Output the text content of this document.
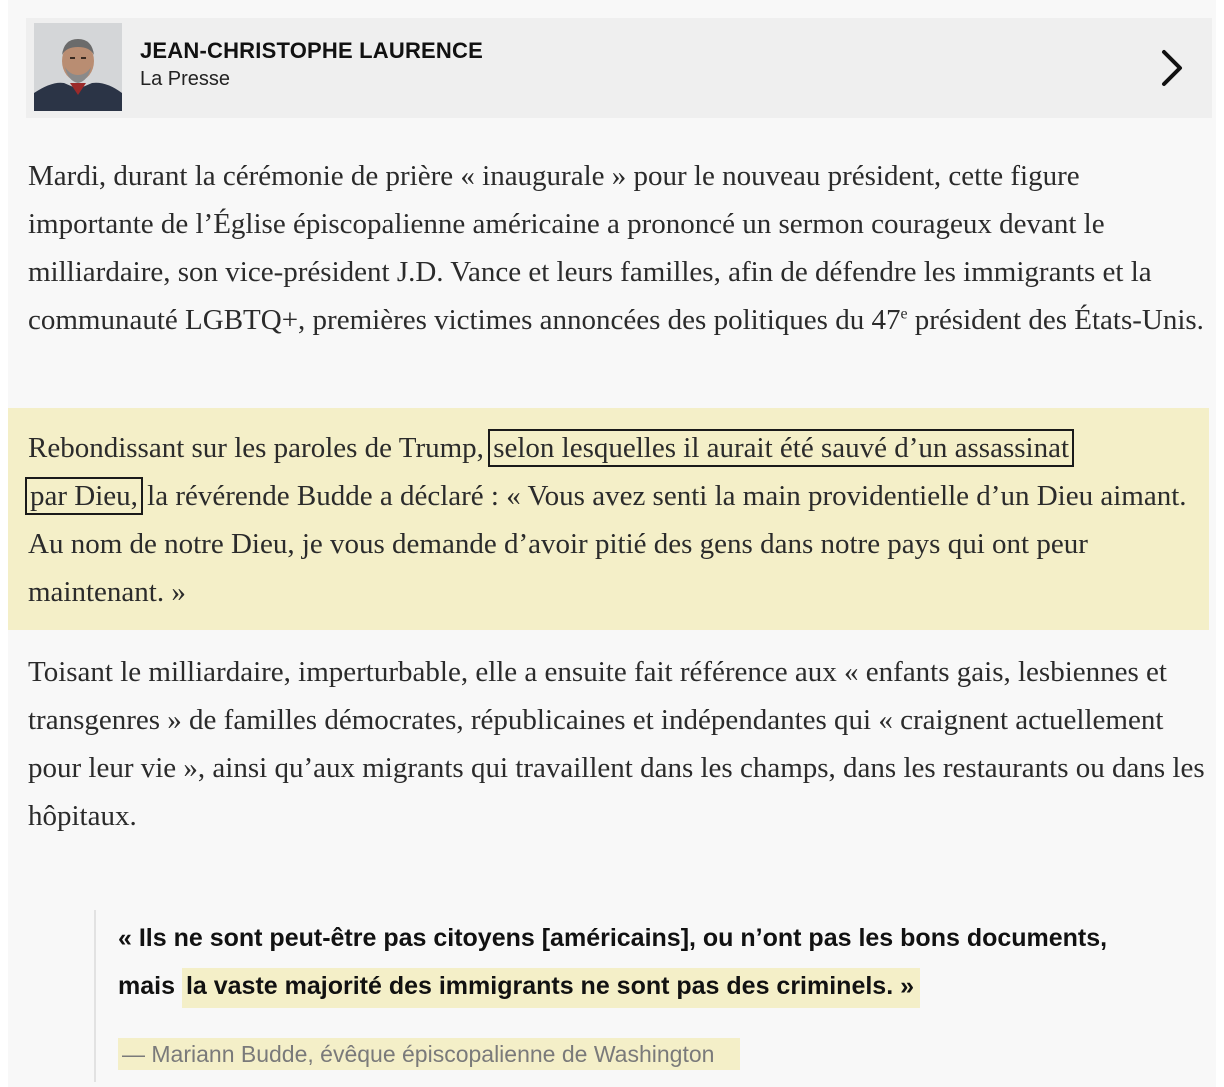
JEAN-CHRISTOPHE LAURENCE
La Presse

Mardi, durant la cérémonie de prière « inaugurale » pour le nouveau président, cette figure importante de l’Église épiscopalienne américaine a prononcé un sermon courageux devant le milliardaire, son vice-président J.D. Vance et leurs familles, afin de défendre les immigrants et la communauté LGBTQ+, premières victimes annoncées des politiques du 47e président des États-Unis.

Rebondissant sur les paroles de Trump, selon lesquelles il aurait été sauvé d’un assassinat
par Dieu, la révérende Budde a déclaré : « Vous avez senti la main providentielle d’un Dieu aimant. Au nom de notre Dieu, je vous demande d’avoir pitié des gens dans notre pays qui ont peur maintenant. »

Toisant le milliardaire, imperturbable, elle a ensuite fait référence aux « enfants gais, lesbiennes et transgenres » de familles démocrates, républicaines et indépendantes qui « craignent actuellement pour leur vie », ainsi qu’aux migrants qui travaillent dans les champs, dans les restaurants ou dans les hôpitaux.

« Ils ne sont peut-être pas citoyens [américains], ou n’ont pas les bons documents,
mais la vaste majorité des immigrants ne sont pas des criminels. »
— Mariann Budde, évêque épiscopalienne de Washington
